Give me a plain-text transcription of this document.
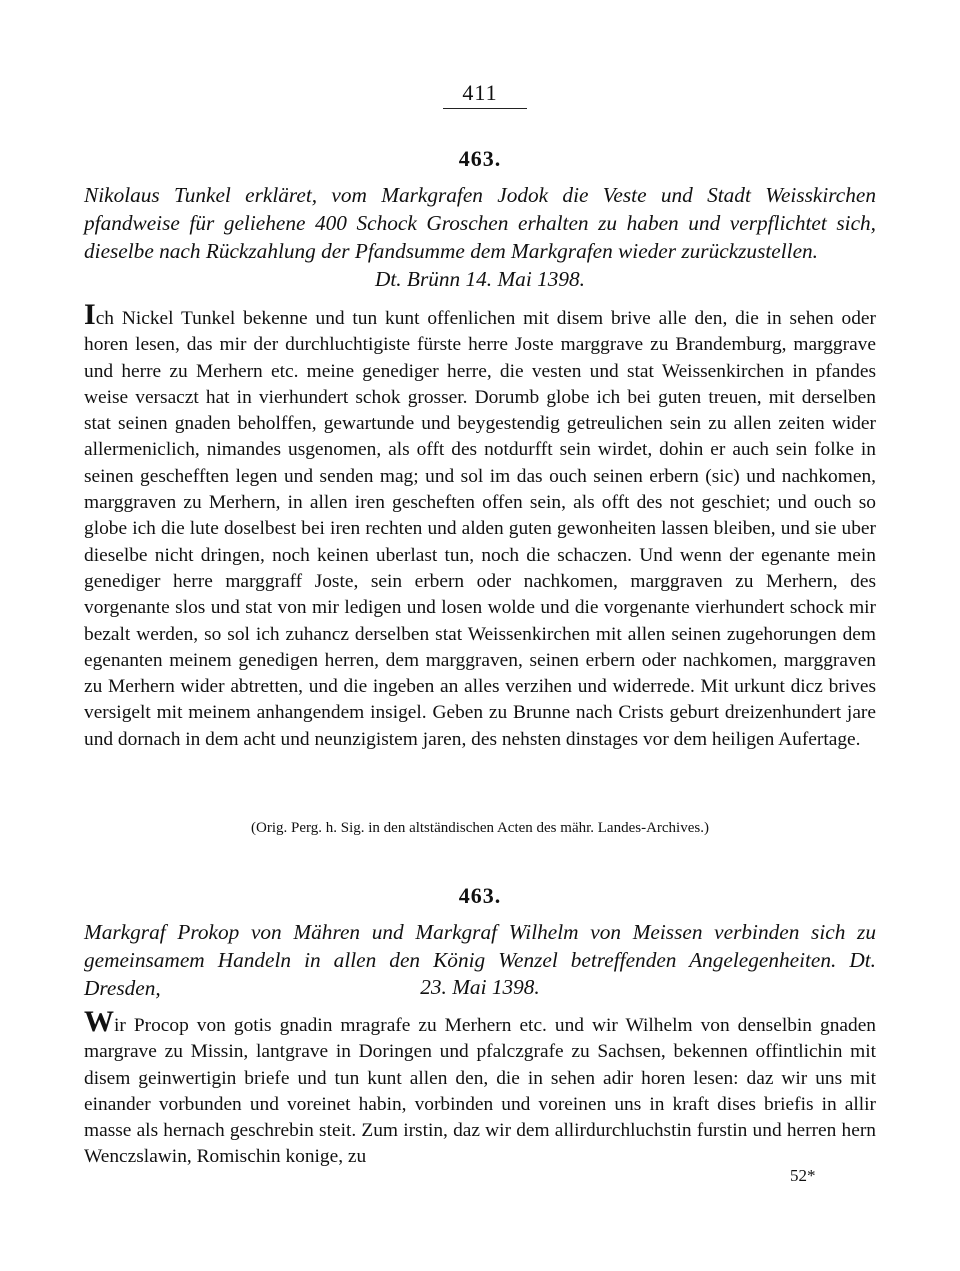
411
463.
Nikolaus Tunkel erkläret, vom Markgrafen Jodok die Veste und Stadt Weisskirchen pfandweise für geliehene 400 Schock Groschen erhalten zu haben und verpflichtet sich, dieselbe nach Rückzahlung der Pfandsumme dem Markgrafen wieder zurückzustellen.
Dt. Brünn 14. Mai 1398.
Ich Nickel Tunkel bekenne und tun kunt offenlichen mit disem brive alle den, die in sehen oder horen lesen, das mir der durchluchtigiste fürste herre Joste marggrave zu Brandemburg, marggrave und herre zu Merhern etc. meine genediger herre, die vesten und stat Weissenkirchen in pfandes weise versaczt hat in vierhundert schok grosser. Dorumb globe ich bei guten treuen, mit derselben stat seinen gnaden beholffen, gewartunde und beygestendig getreulichen sein zu allen zeiten wider allermeniclich, nimandes usgenomen, als offt des notdurfft sein wirdet, dohin er auch sein folke in seinen geschefften legen und senden mag; und sol im das ouch seinen erbern (sic) und nachkomen, marggraven zu Merhern, in allen iren gescheften offen sein, als offt des not geschiet; und ouch so globe ich die lute doselbest bei iren rechten und alden guten gewonheiten lassen bleiben, und sie uber dieselbe nicht dringen, noch keinen uberlast tun, noch die schaczen. Und wenn der egenante mein genediger herre marggraff Joste, sein erbern oder nachkomen, marggraven zu Merhern, des vorgenante slos und stat von mir ledigen und losen wolde und die vorgenante vierhundert schock mir bezalt werden, so sol ich zuhancz derselben stat Weissenkirchen mit allen seinen zugehorungen dem egenanten meinem genedigen herren, dem marggraven, seinen erbern oder nachkomen, marggraven zu Merhern wider abtretten, und die ingeben an alles verzihen und widerrede. Mit urkunt dicz brives versigelt mit meinem anhangendem insigel. Geben zu Brunne nach Crists geburt dreizenhundert jare und dornach in dem acht und neunzigistem jaren, des nehsten dinstages vor dem heiligen Aufertage.
(Orig. Perg. h. Sig. in den altständischen Acten des mähr. Landes-Archives.)
463.
Markgraf Prokop von Mähren und Markgraf Wilhelm von Meissen verbinden sich zu gemeinsamem Handeln in allen den König Wenzel betreffenden Angelegenheiten. Dt. Dresden,	23. Mai 1398.
Wir Procop von gotis gnadin mragrafe zu Merhern etc. und wir Wilhelm von denselbin gnaden margrave zu Missin, lantgrave in Doringen und pfalczgrafe zu Sachsen, bekennen offintlichin mit disem geinwertigin briefe und tun kunt allen den, die in sehen adir horen lesen: daz wir uns mit einander vorbunden und voreinet habin, vorbinden und voreinen uns in kraft dises briefis in allir masse als hernach geschrebin steit. Zum irstin, daz wir dem allirdurchluchstin furstin und herren hern Wenczslawin, Romischin konige, zu
52*
